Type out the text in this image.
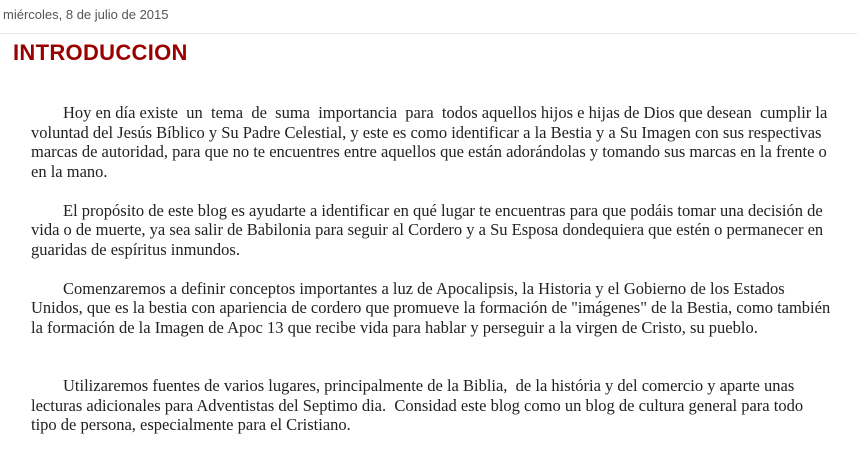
miércoles, 8 de julio de 2015
INTRODUCCION

Hoy en día existe  un  tema  de  suma  importancia  para  todos aquellos hijos e hijas de Dios que desean  cumplir la voluntad del Jesús Bíblico y Su Padre Celestial, y este es como identificar a la Bestia y a Su Imagen con sus respectivas marcas de autoridad, para que no te encuentres entre aquellos que están adorándolas y tomando sus marcas en la frente o en la mano.

El propósito de este blog es ayudarte a identificar en qué lugar te encuentras para que podáis tomar una decisión de vida o de muerte, ya sea salir de Babilonia para seguir al Cordero y a Su Esposa dondequiera que estén o permanecer en guaridas de espíritus inmundos.

Comenzaremos a definir conceptos importantes a luz de Apocalipsis, la Historia y el Gobierno de los Estados Unidos, que es la bestia con apariencia de cordero que promueve la formación de "imágenes" de la Bestia, como también la formación de la Imagen de Apoc 13 que recibe vida para hablar y perseguir a la virgen de Cristo, su pueblo.

Utilizaremos fuentes de varios lugares, principalmente de la Biblia,  de la história y del comercio y aparte unas lecturas adicionales para Adventistas del Septimo dia.  Considad este blog como un blog de cultura general para todo tipo de persona, especialmente para el Cristiano.
